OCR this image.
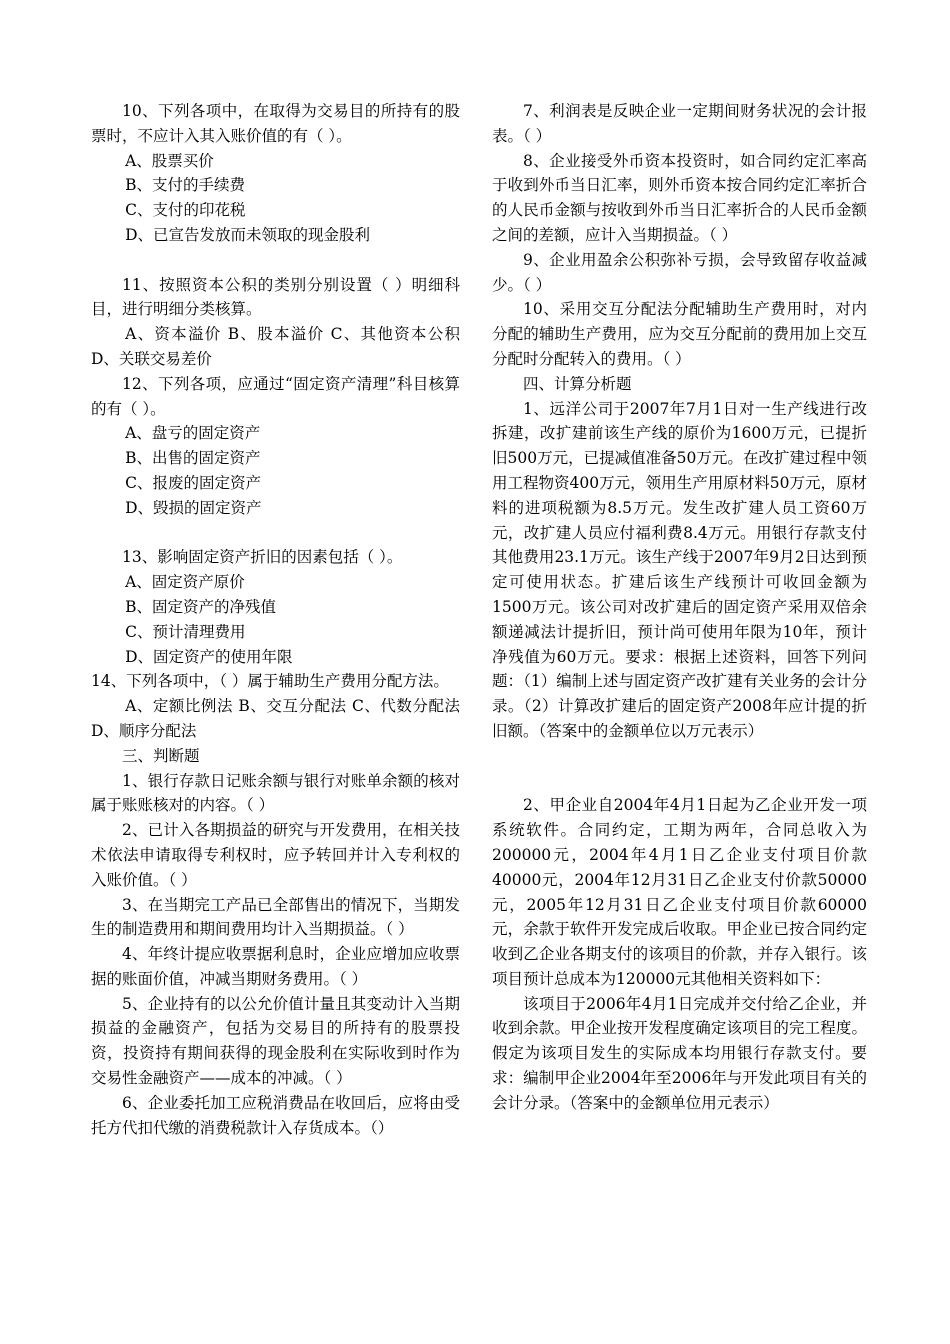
10、下列各项中，在取得为交易目的所持有的股票时，不应计入其入账价值的有（ ）。

A、股票买价

B、支付的手续费

C、支付的印花税

D、已宣告发放而未领取的现金股利

11、按照资本公积的类别分别设置（ ）明细科目，进行明细分类核算。

A、资本溢价 B、股本溢价 C、其他资本公积 D、关联交易差价

12、下列各项，应通过“固定资产清理”科目核算的有（ ）。

A、盘亏的固定资产

B、出售的固定资产

C、报废的固定资产

D、毁损的固定资产

13、影响固定资产折旧的因素包括（ ）。

A、固定资产原价

B、固定资产的净残值

C、预计清理费用

D、固定资产的使用年限

14、下列各项中，（ ）属于辅助生产费用分配方法。

A、定额比例法 B、交互分配法 C、代数分配法 D、顺序分配法

三、判断题

1、银行存款日记账余额与银行对账单余额的核对属于账账核对的内容。（ ）

2、已计入各期损益的研究与开发费用，在相关技术依法申请取得专利权时，应予转回并计入专利权的入账价值。（ ）

3、在当期完工产品已全部售出的情况下，当期发生的制造费用和期间费用均计入当期损益。（ ）

4、年终计提应收票据利息时，企业应增加应收票据的账面价值，冲减当期财务费用。（ ）

5、企业持有的以公允价值计量且其变动计入当期损益的金融资产，包括为交易目的所持有的股票投资，投资持有期间获得的现金股利在实际收到时作为交易性金融资产——成本的冲减。（ ）

6、企业委托加工应税消费品在收回后，应将由受托方代扣代缴的消费税款计入存货成本。（）

7、利润表是反映企业一定期间财务状况的会计报表。（ ）

8、企业接受外币资本投资时，如合同约定汇率高于收到外币当日汇率，则外币资本按合同约定汇率折合的人民币金额与按收到外币当日汇率折合的人民币金额之间的差额，应计入当期损益。（ ）

9、企业用盈余公积弥补亏损，会导致留存收益减少。（ ）

10、采用交互分配法分配辅助生产费用时，对内分配的辅助生产费用，应为交互分配前的费用加上交互分配时分配转入的费用。（ ）

四、计算分析题

1、远洋公司于2007年7月1日对一生产线进行改拆建，改扩建前该生产线的原价为1600万元，已提折旧500万元，已提减值准备50万元。在改扩建过程中领用工程物资400万元，领用生产用原材料50万元，原材料的进项税额为8.5万元。发生改扩建人员工资60万元，改扩建人员应付福利费8.4万元。用银行存款支付其他费用23.1万元。该生产线于2007年9月2日达到预定可使用状态。扩建后该生产线预计可收回金额为1500万元。该公司对改扩建后的固定资产采用双倍余额递减法计提折旧，预计尚可使用年限为10年，预计净残值为60万元。要求：根据上述资料，回答下列问题：（1）编制上述与固定资产改扩建有关业务的会计分录。（2）计算改扩建后的固定资产2008年应计提的折旧额。（答案中的金额单位以万元表示）

2、甲企业自2004年4月1日起为乙企业开发一项系统软件。合同约定，工期为两年，合同总收入为200000元，2004年4月1日乙企业支付项目价款40000元，2004年12月31日乙企业支付价款50000元，2005年12月31日乙企业支付项目价款60000元，余款于软件开发完成后收取。甲企业已按合同约定收到乙企业各期支付的该项目的价款，并存入银行。该项目预计总成本为120000元其他相关资料如下：

该项目于2006年4月1日完成并交付给乙企业，并收到余款。甲企业按开发程度确定该项目的完工程度。假定为该项目发生的实际成本均用银行存款支付。要求：编制甲企业2004年至2006年与开发此项目有关的会计分录。（答案中的金额单位用元表示）
